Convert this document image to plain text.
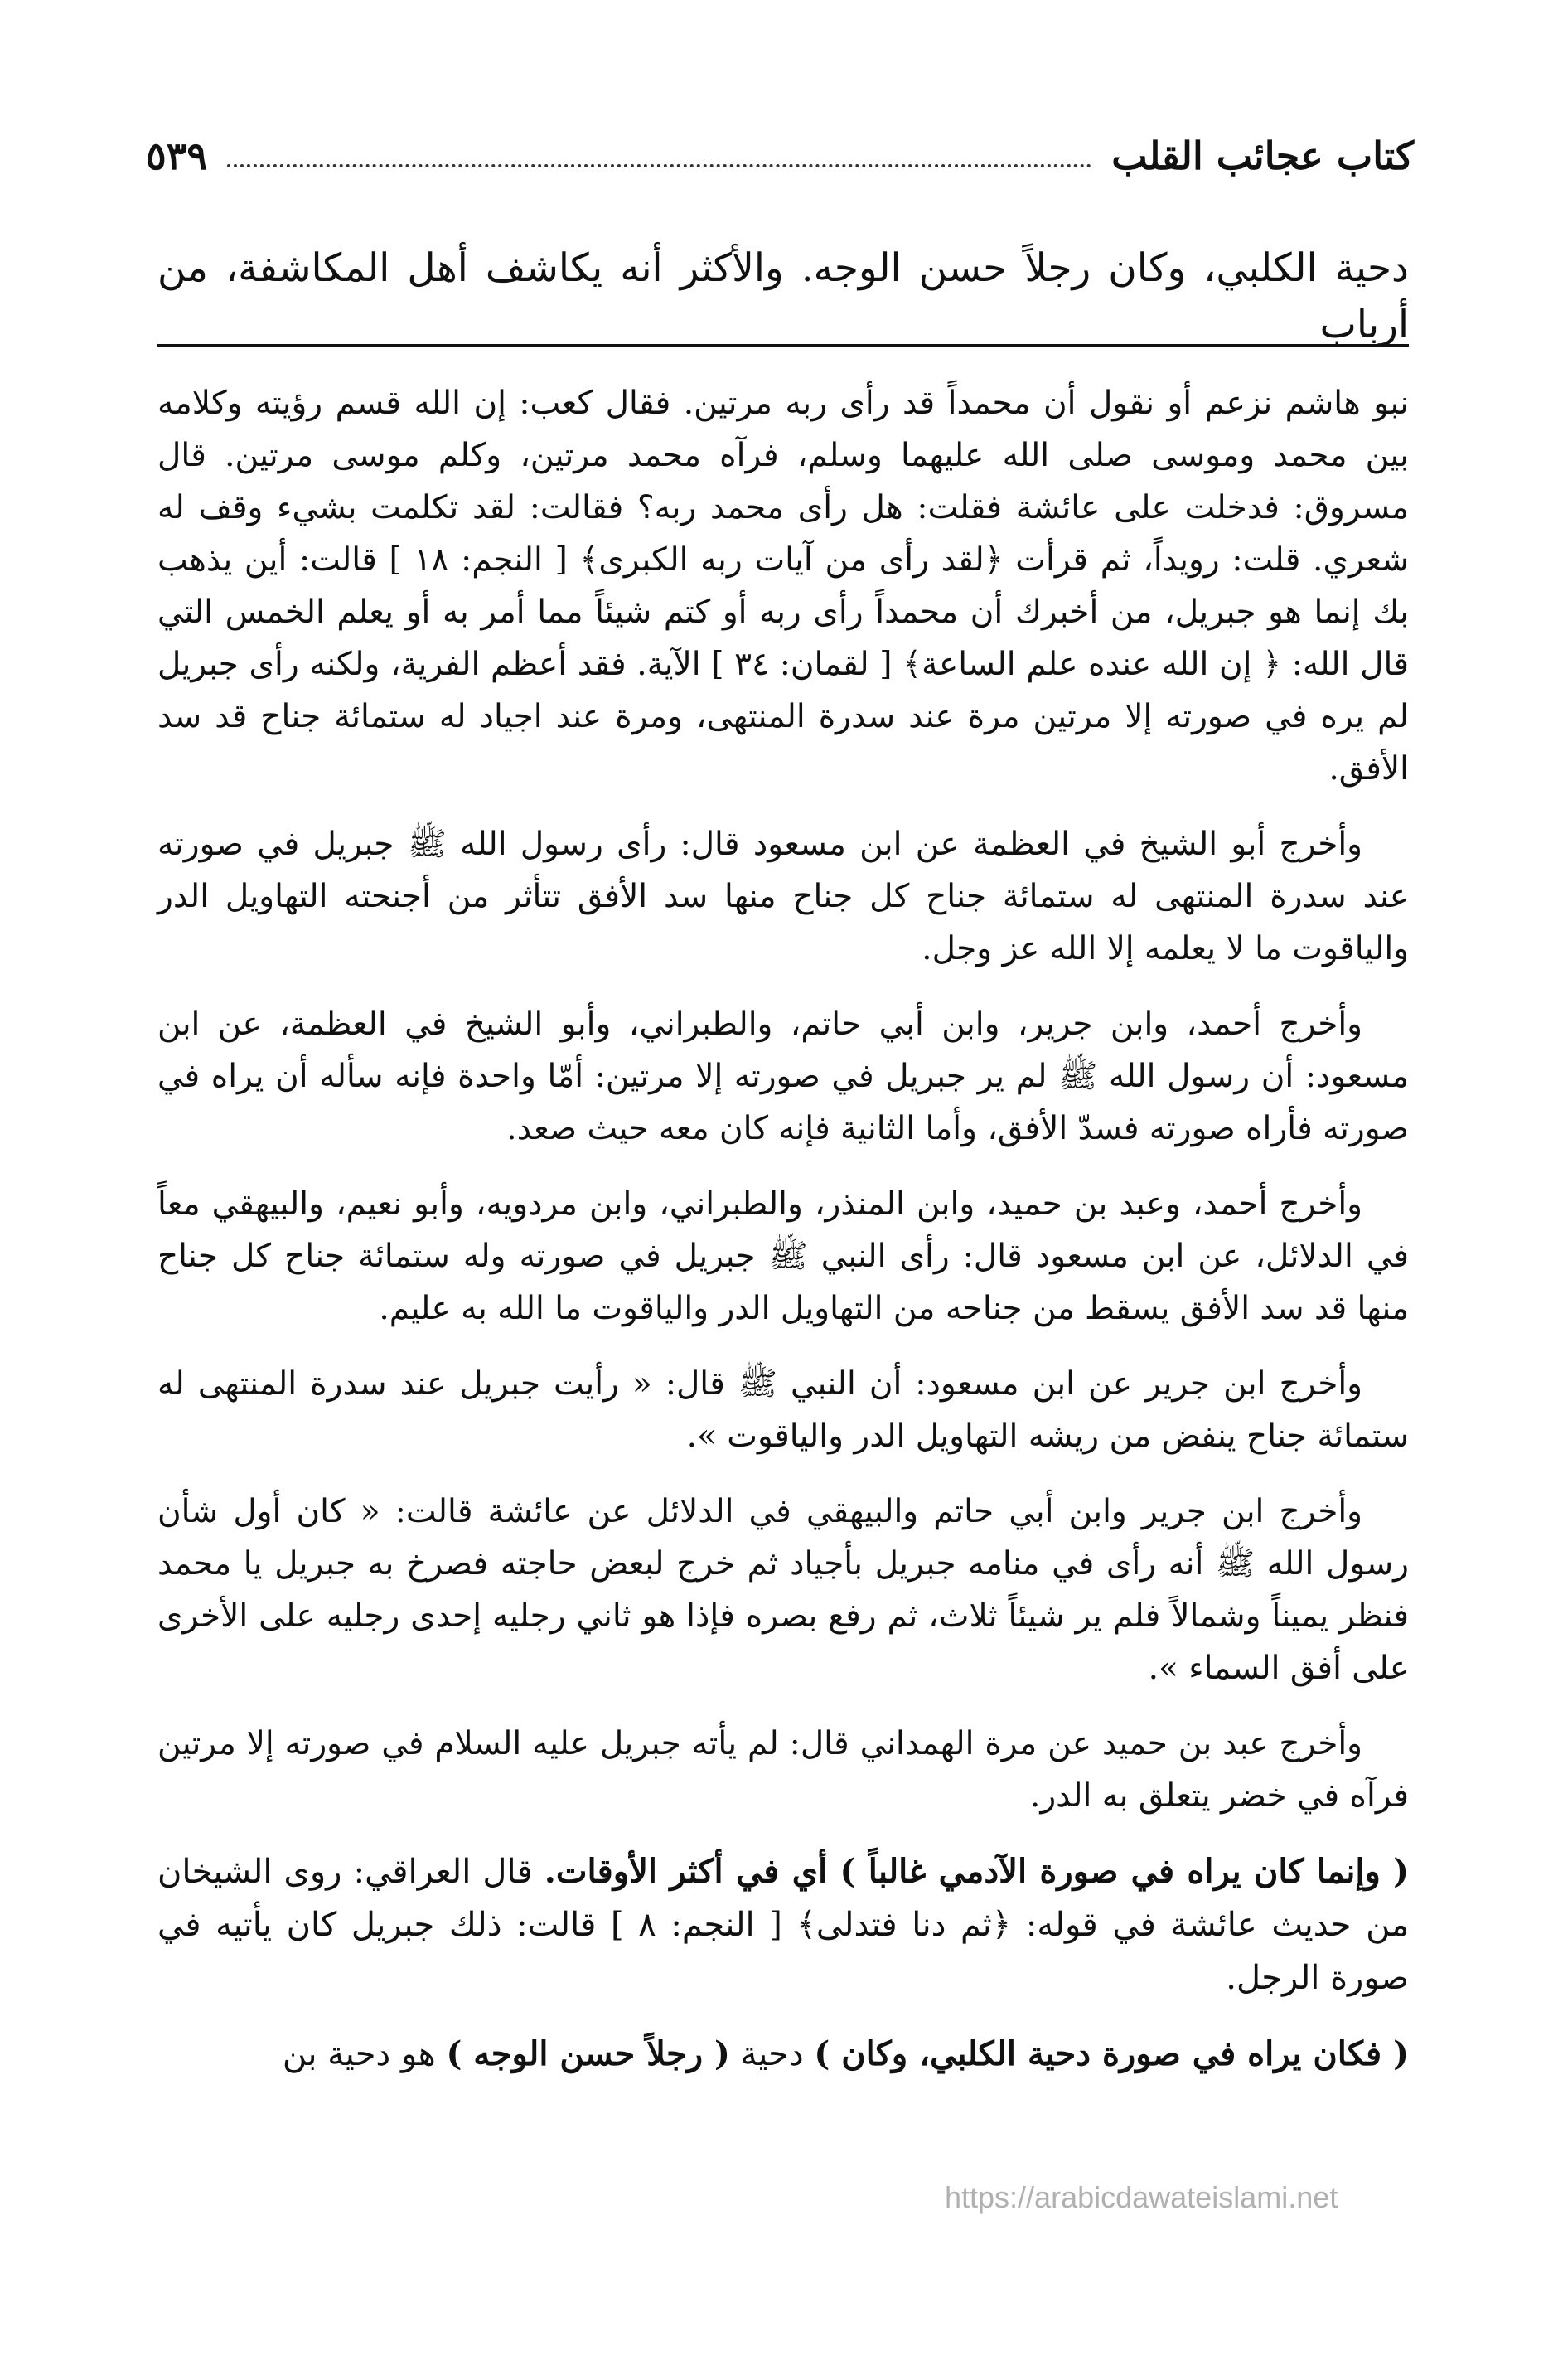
كتاب عجائب القلب
٥٣٩
دحية الكلبي، وكان رجلاً حسن الوجه. والأكثر أنه يكاشف أهل المكاشفة، من أرباب

نبو هاشم نزعم أو نقول أن محمداً قد رأى ربه مرتين. فقال كعب: إن الله قسم رؤيته وكلامه بين محمد وموسى صلى الله عليهما وسلم، فرآه محمد مرتين، وكلم موسى مرتين. قال مسروق: فدخلت على عائشة فقلت: هل رأى محمد ربه؟ فقالت: لقد تكلمت بشيء وقف له شعري. قلت: رويداً، ثم قرأت ﴿لقد رأى من آيات ربه الكبرى﴾ [ النجم: ١٨ ] قالت: أين يذهب بك إنما هو جبريل، من أخبرك أن محمداً رأى ربه أو كتم شيئاً مما أمر به أو يعلم الخمس التي قال الله: ﴿ إن الله عنده علم الساعة﴾ [ لقمان: ٣٤ ] الآية. فقد أعظم الفرية، ولكنه رأى جبريل لم يره في صورته إلا مرتين مرة عند سدرة المنتهى، ومرة عند اجياد له ستمائة جناح قد سد الأفق.

وأخرج أبو الشيخ في العظمة عن ابن مسعود قال: رأى رسول الله ﷺ جبريل في صورته عند سدرة المنتهى له ستمائة جناح كل جناح منها سد الأفق تتأثر من أجنحته التهاويل الدر والياقوت ما لا يعلمه إلا الله عز وجل.

وأخرج أحمد، وابن جرير، وابن أبي حاتم، والطبراني، وأبو الشيخ في العظمة، عن ابن مسعود: أن رسول الله ﷺ لم ير جبريل في صورته إلا مرتين: أمّا واحدة فإنه سأله أن يراه في صورته فأراه صورته فسدّ الأفق، وأما الثانية فإنه كان معه حيث صعد.

وأخرج أحمد، وعبد بن حميد، وابن المنذر، والطبراني، وابن مردويه، وأبو نعيم، والبيهقي معاً في الدلائل، عن ابن مسعود قال: رأى النبي ﷺ جبريل في صورته وله ستمائة جناح كل جناح منها قد سد الأفق يسقط من جناحه من التهاويل الدر والياقوت ما الله به عليم.

وأخرج ابن جرير عن ابن مسعود: أن النبي ﷺ قال: « رأيت جبريل عند سدرة المنتهى له ستمائة جناح ينفض من ريشه التهاويل الدر والياقوت ».

وأخرج ابن جرير وابن أبي حاتم والبيهقي في الدلائل عن عائشة قالت: « كان أول شأن رسول الله ﷺ أنه رأى في منامه جبريل بأجياد ثم خرج لبعض حاجته فصرخ به جبريل يا محمد فنظر يميناً وشمالاً فلم ير شيئاً ثلاث، ثم رفع بصره فإذا هو ثاني رجليه إحدى رجليه على الأخرى على أفق السماء ».

وأخرج عبد بن حميد عن مرة الهمداني قال: لم يأته جبريل عليه السلام في صورته إلا مرتين فرآه في خضر يتعلق به الدر.

( وإنما كان يراه في صورة الآدمي غالباً ) أي في أكثر الأوقات. قال العراقي: روى الشيخان من حديث عائشة في قوله: ﴿ثم دنا فتدلى﴾ [ النجم: ٨ ] قالت: ذلك جبريل كان يأتيه في صورة الرجل.

( فكان يراه في صورة دحية الكلبي، وكان ) دحية ( رجلاً حسن الوجه ) هو دحية بن

https://arabicdawateislami.net
